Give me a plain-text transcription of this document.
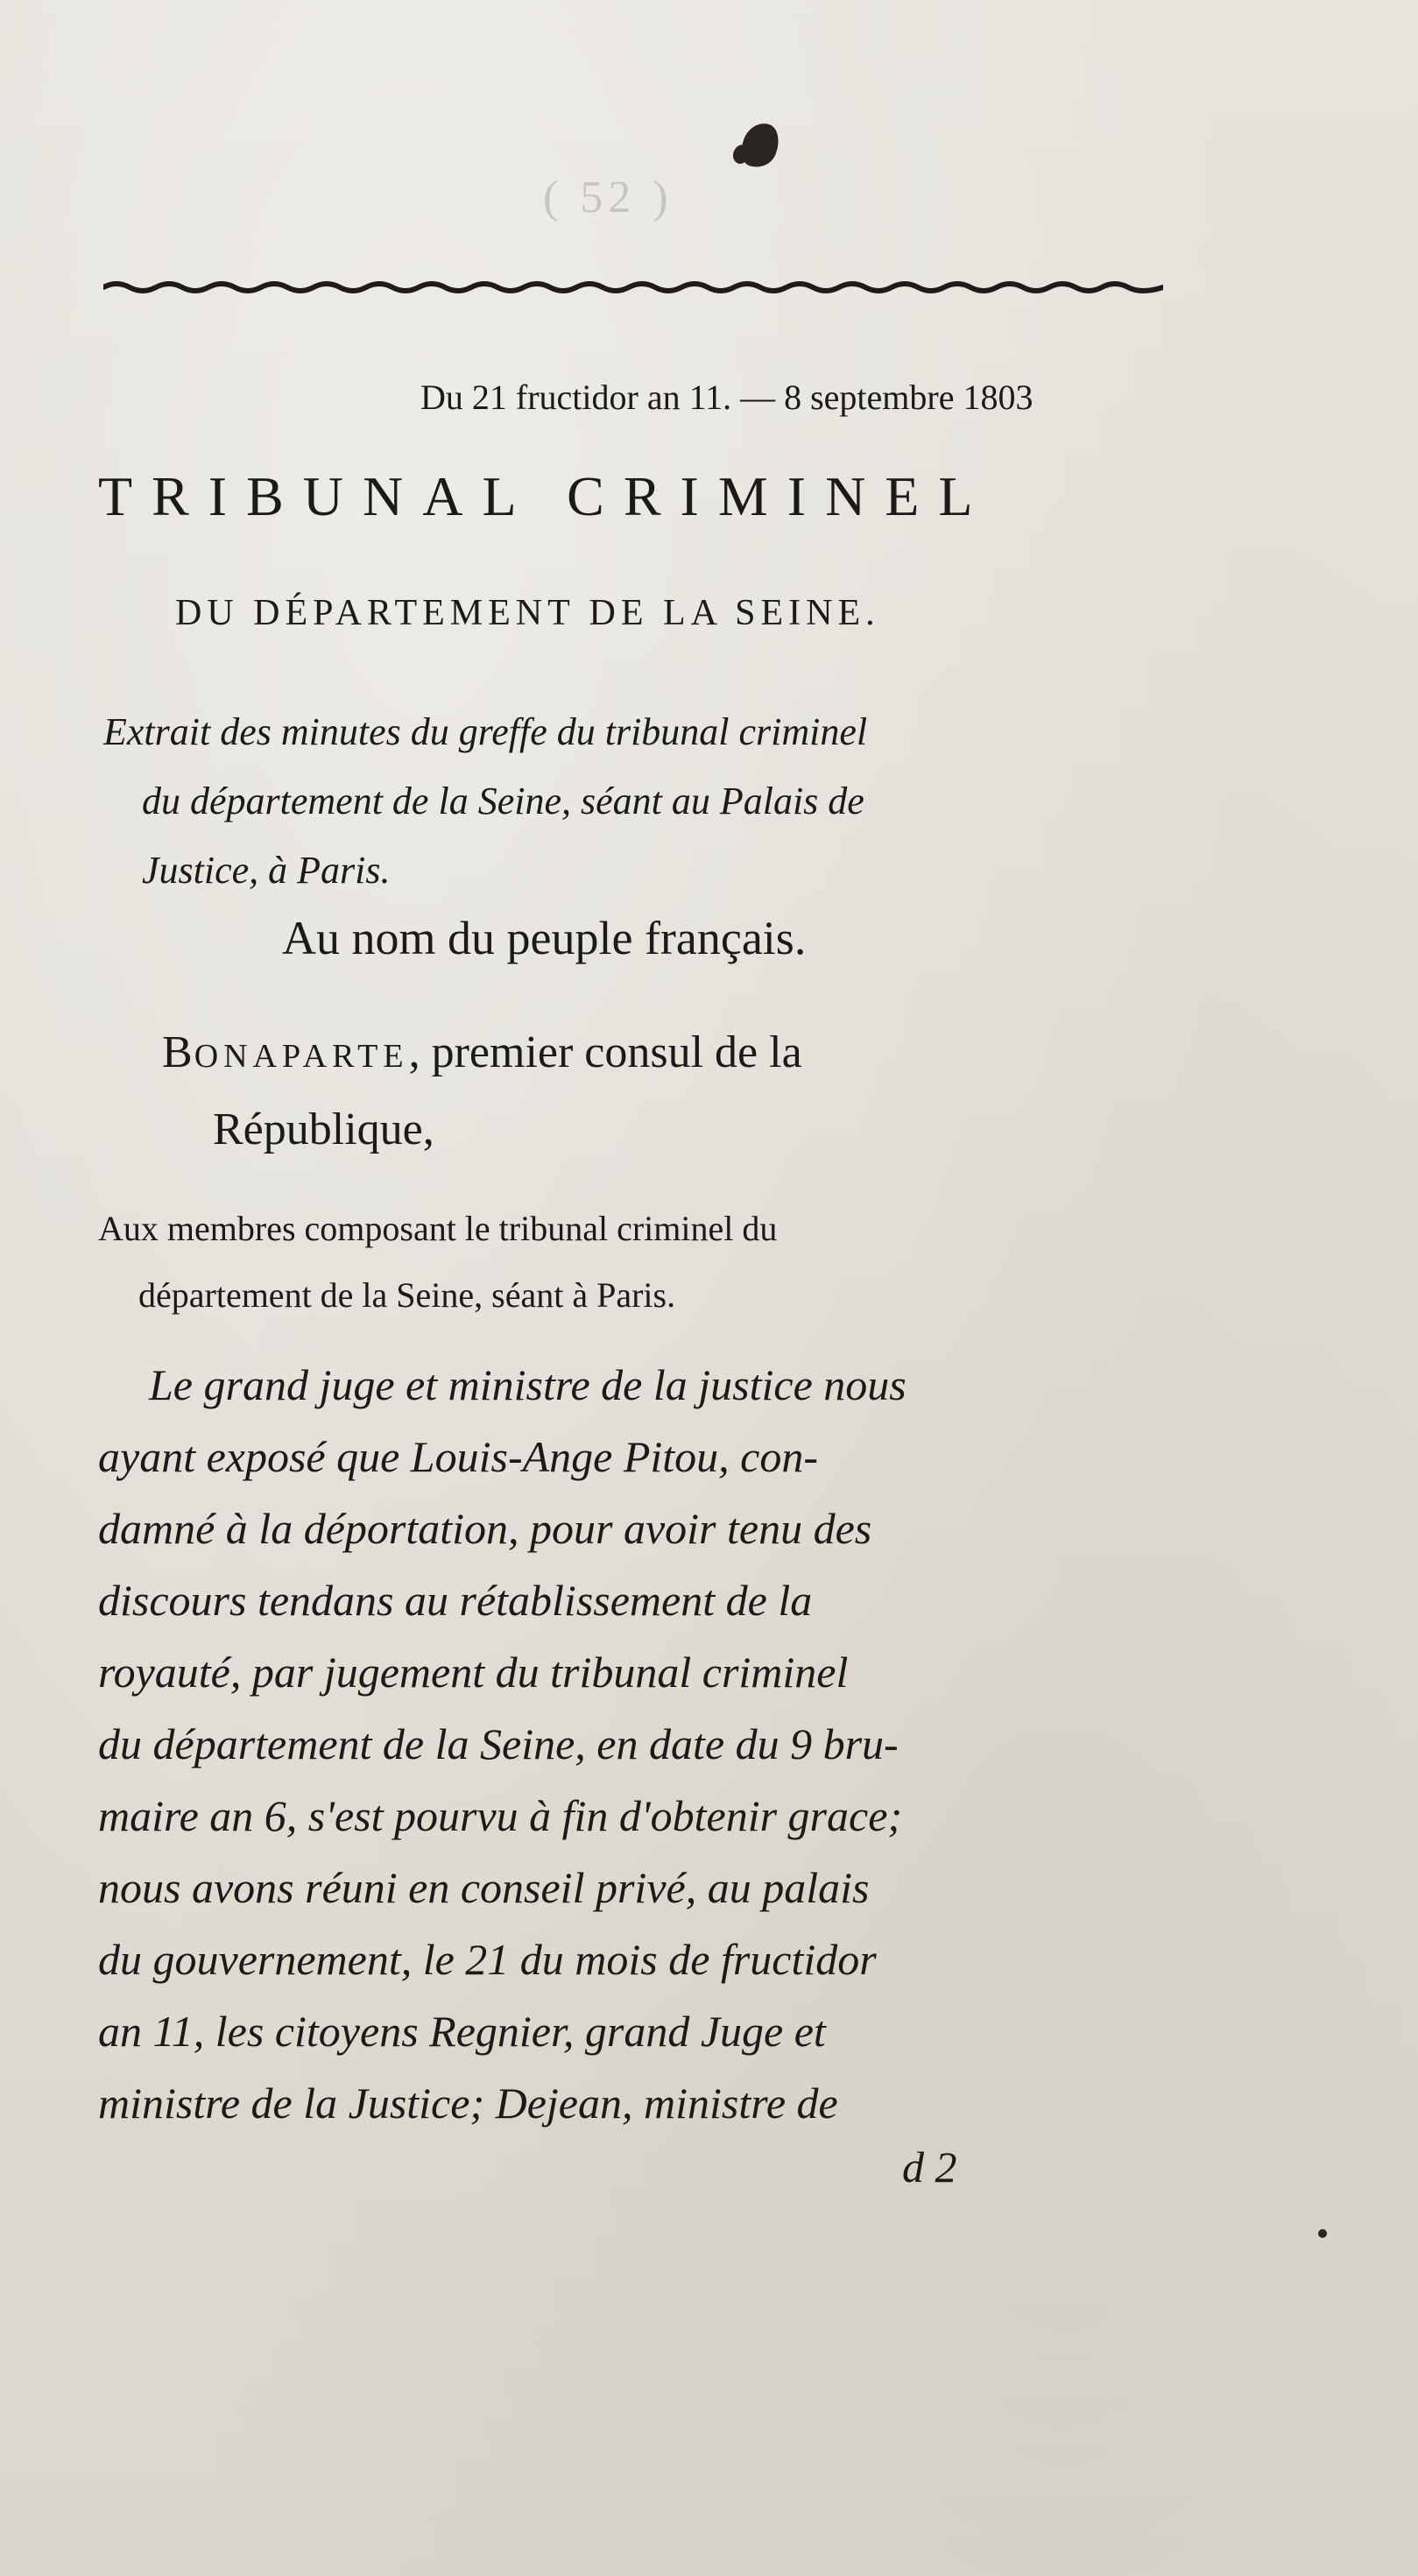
( 52 )
Du 21 fructidor an 11. — 8 septembre 1803
TRIBUNAL CRIMINEL
DU DÉPARTEMENT DE LA SEINE.
Extrait des minutes du greffe du tribunal criminel
du département de la Seine, séant au Palais de
Justice, à Paris.
Au nom du peuple français.
BONAPARTE, premier consul de la
République,
Aux membres composant le tribunal criminel du
département de la Seine, séant à Paris.
Le grand juge et ministre de la justice nous
ayant exposé que Louis-Ange Pitou, con-
damné à la déportation, pour avoir tenu des
discours tendans au rétablissement de la
royauté, par jugement du tribunal criminel
du département de la Seine, en date du 9 bru-
maire an 6, s'est pourvu à fin d'obtenir grace;
nous avons réuni en conseil privé, au palais
du gouvernement, le 21 du mois de fructidor
an 11, les citoyens Regnier, grand Juge et
ministre de la Justice; Dejean, ministre de
d 2
